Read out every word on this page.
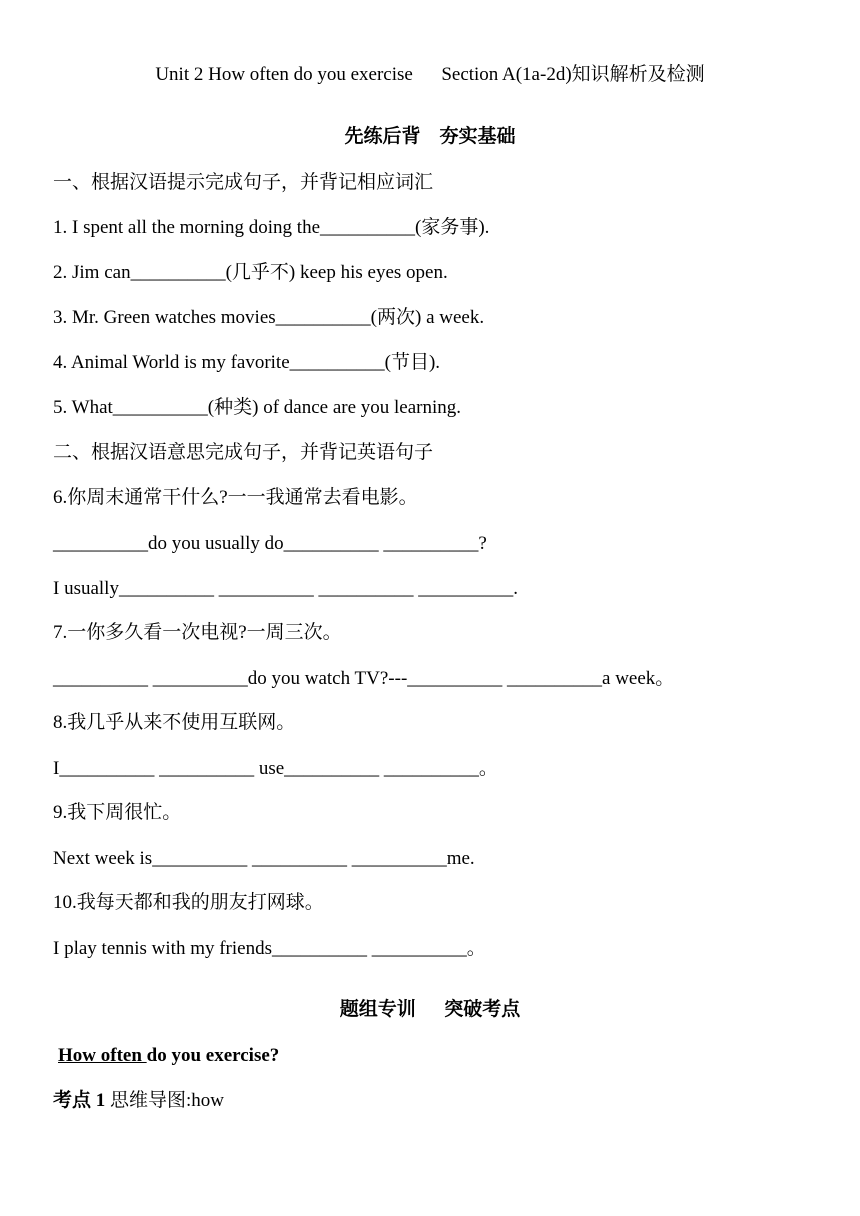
Unit 2 How often do you exercise      Section A(1a-2d)知识解析及检测
先练后背    夯实基础
一、根据汉语提示完成句子，并背记相应词汇
1. I spent all the morning doing the__________(家务事).
2. Jim can__________(几乎不) keep his eyes open.
3. Mr. Green watches movies__________(两次) a week.
4. Animal World is my favorite__________(节目).
5. What__________(种类) of dance are you learning.
二、根据汉语意思完成句子，并背记英语句子
6.你周末通常干什么?一一我通常去看电影。
__________do you usually do__________ __________?
I usually__________ __________ __________ __________.
7.一你多久看一次电视?一周三次。
__________ __________do you watch TV?---__________ __________a week。
8.我几乎从来不使用互联网。
I__________ __________ use__________ __________。
9.我下周很忙。
Next week is__________ __________ __________me.
10.我每天都和我的朋友打网球。
I play tennis with my friends__________ __________。
题组专训      突破考点
How often do you exercise?
考点 1 思维导图:how
